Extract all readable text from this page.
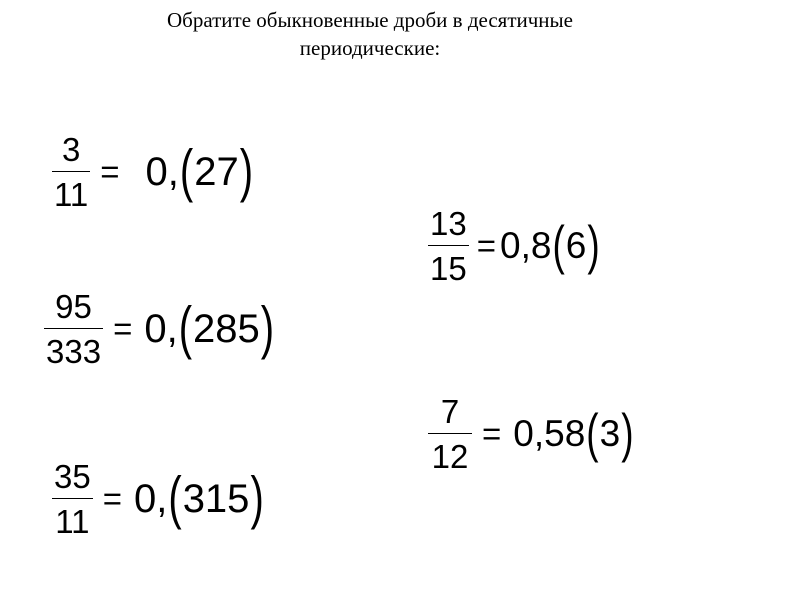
Обратите обыкновенные дроби в десятичные
периодические:
$\frac{3}{11} = 0$, ( 27 )
$\frac{95}{333} = 0$, ( 285 )
$\frac{35}{11} = 0$, ( 315 )
$\frac{13}{15} = 0$, 8 ( 6 )
$\frac{7}{12} = 0$, 58 ( 3 )
